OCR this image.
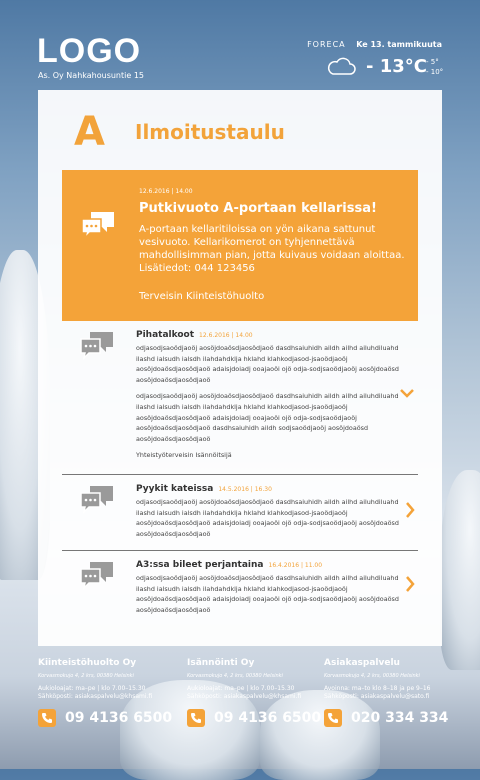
LOGO
As. Oy Nahkahousuntie 15
FORECA Ke 13. tammikuuta
- 13°C - 5°
- 10°
A Ilmoitustaulu
12.6.2016 | 14.00
Putkivuoto A-portaan kellarissa!
A-portaan kellaritiloissa on yön aikana sattunut vesivuoto. Kellarikomerot on tyhjennettävä mahdollisimman pian, jotta kuivaus voidaan aloittaa. Lisätiedot: 044 123456
Terveisin Kiinteistöhuolto
Pihatalkoot 12.6.2016 | 14.00

odjasodjsaoödjaoöj aosöjdoaösdjaosödjaoö dasdhsaiuhidh aildh ailhd ailuhdiluahd ilashd ialsudh ialsdh ilahdahdklja hklahd klahkodjasod-jsaoödjaoöj aosöjdoaösdjaosödjaoö adaisjdoiadj ooajaoöi ojö odja-sodjsaoödjaoöj aosöjdoaösd aosöjdoaösdjaosödjaoö

odjasodjsaoödjaoöj aosöjdoaösdjaosödjaoö dasdhsaiuhidh aildh ailhd ailuhdiluahd ilashd ialsudh ialsdh ilahdahdklja hklahd klahkodjasod-jsaoödjaoöj aosöjdoaösdjaosödjaoö adaisjdoiadj ooajaoöi ojö odja-sodjsaoödjaoöj aosöjdoaösdjaosödjaoö dasdhsaiuhidh aildh sodjsaoödjaoöj aosöjdoaösd aosöjdoaösdjaosödjaoö

Yhteistyöterveisin Isännöitsijä

Pyykit kateissa 14.5.2016 | 16.30

odjasodjsaoödjaoöj aosöjdoaösdjaosödjaoö dasdhsaiuhidh aildh ailhd ailuhdiluahd ilashd ialsudh ialsdh ilahdahdklja hklahd klahkodjasod-jsaoödjaoöj aosöjdoaösdjaosödjaoö adaisjdoiadj ooajaoöi ojö odja-sodjsaoödjaoöj aosöjdoaösd aosöjdoaösdjaosödjaoö

A3:ssa bileet perjantaina 16.4.2016 | 11.00

odjasodjsaoödjaoöj aosöjdoaösdjaosödjaoö dasdhsaiuhidh aildh ailhd ailuhdiluahd ilashd ialsudh ialsdh ilahdahdklja hklahd klahkodjasod-jsaoödjaoöj aosöjdoaösdjaosödjaoö adaisjdoiadj ooajaoöi ojö odja-sodjsaoödjaoöj aosöjdoaösd aosöjdoaösdjaosödjaoö

Kiinteistöhuolto Oy
Korvasmokujo 4, 2 krs, 00380 Helsinki
Aukioloajat: ma–pe | klo 7.00–15.30
Sähköposti: asiakaspalvelu@khsami.fi
09 4136 6500
Isännöinti Oy
Korvasmokujo 4, 2 krs, 00380 Helsinki
Aukioloajat: ma–pe | klo 7.00–15.30
Sähköposti: asiakaspalvelu@khsami.fi
09 4136 6500
Asiakaspalvelu
Korvasmokujo 4, 2 krs, 00380 Helsinki
Avoinna: ma–to klo 8–18 ja pe 9–16
Sähköposti: asiakaspalvelu@sato.fi
020 334 334
